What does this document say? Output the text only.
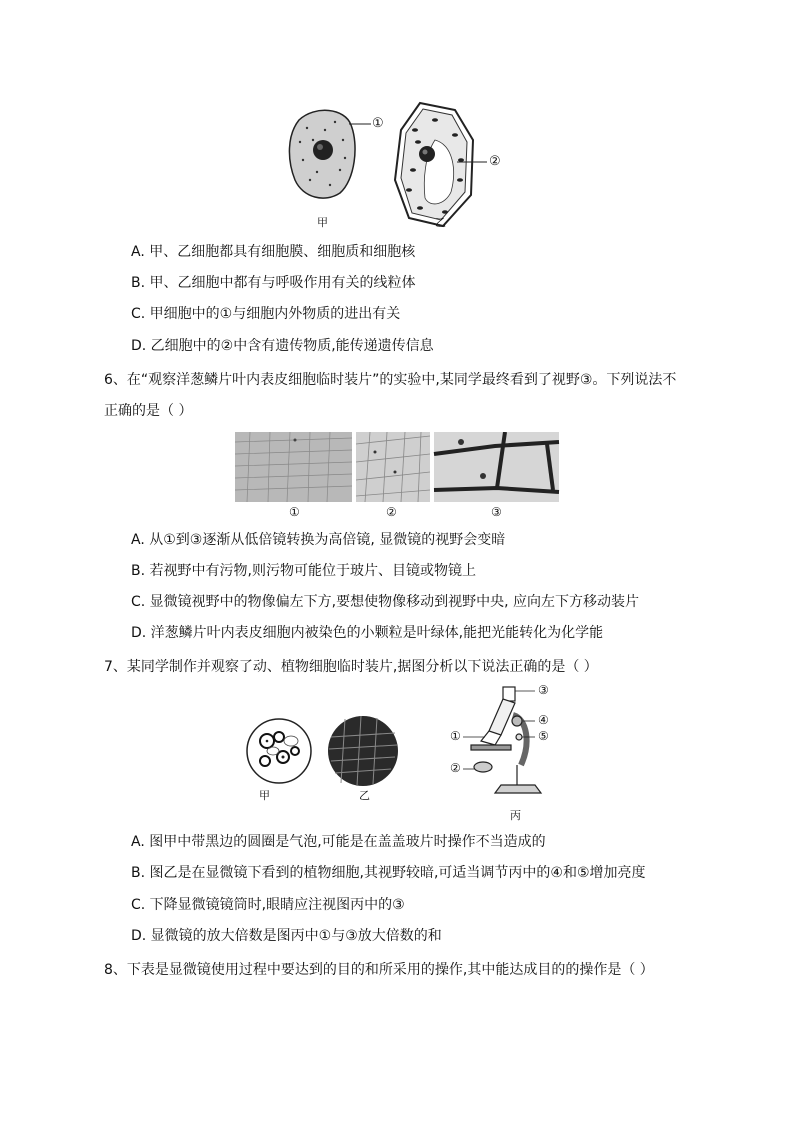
①
②
甲	乙
A. 甲、乙细胞都具有细胞膜、细胞质和细胞核
B. 甲、乙细胞中都有与呼吸作用有关的线粒体
C. 甲细胞中的①与细胞内外物质的进出有关
D. 乙细胞中的②中含有遗传物质,能传递遗传信息
6、在“观察洋葱鳞片叶内表皮细胞临时装片”的实验中,某同学最终看到了视野③。下列说法不
正确的是（ ）
①	②	③
A. 从①到③逐渐从低倍镜转换为高倍镜, 显微镜的视野会变暗
B. 若视野中有污物,则污物可能位于玻片、目镜或物镜上
C. 显微镜视野中的物像偏左下方,要想使物像移动到视野中央, 应向左下方移动装片
D. 洋葱鳞片叶内表皮细胞内被染色的小颗粒是叶绿体,能把光能转化为化学能
7、某同学制作并观察了动、植物细胞临时装片,据图分析以下说法正确的是（ ）
③
④
⑤
①
②
甲	乙
丙
A. 图甲中带黑边的圆圈是气泡,可能是在盖盖玻片时操作不当造成的
B. 图乙是在显微镜下看到的植物细胞,其视野较暗,可适当调节丙中的④和⑤增加亮度
C. 下降显微镜镜筒时,眼睛应注视图丙中的③
D. 显微镜的放大倍数是图丙中①与③放大倍数的和
8、下表是显微镜使用过程中要达到的目的和所采用的操作,其中能达成目的的操作是（ ）
